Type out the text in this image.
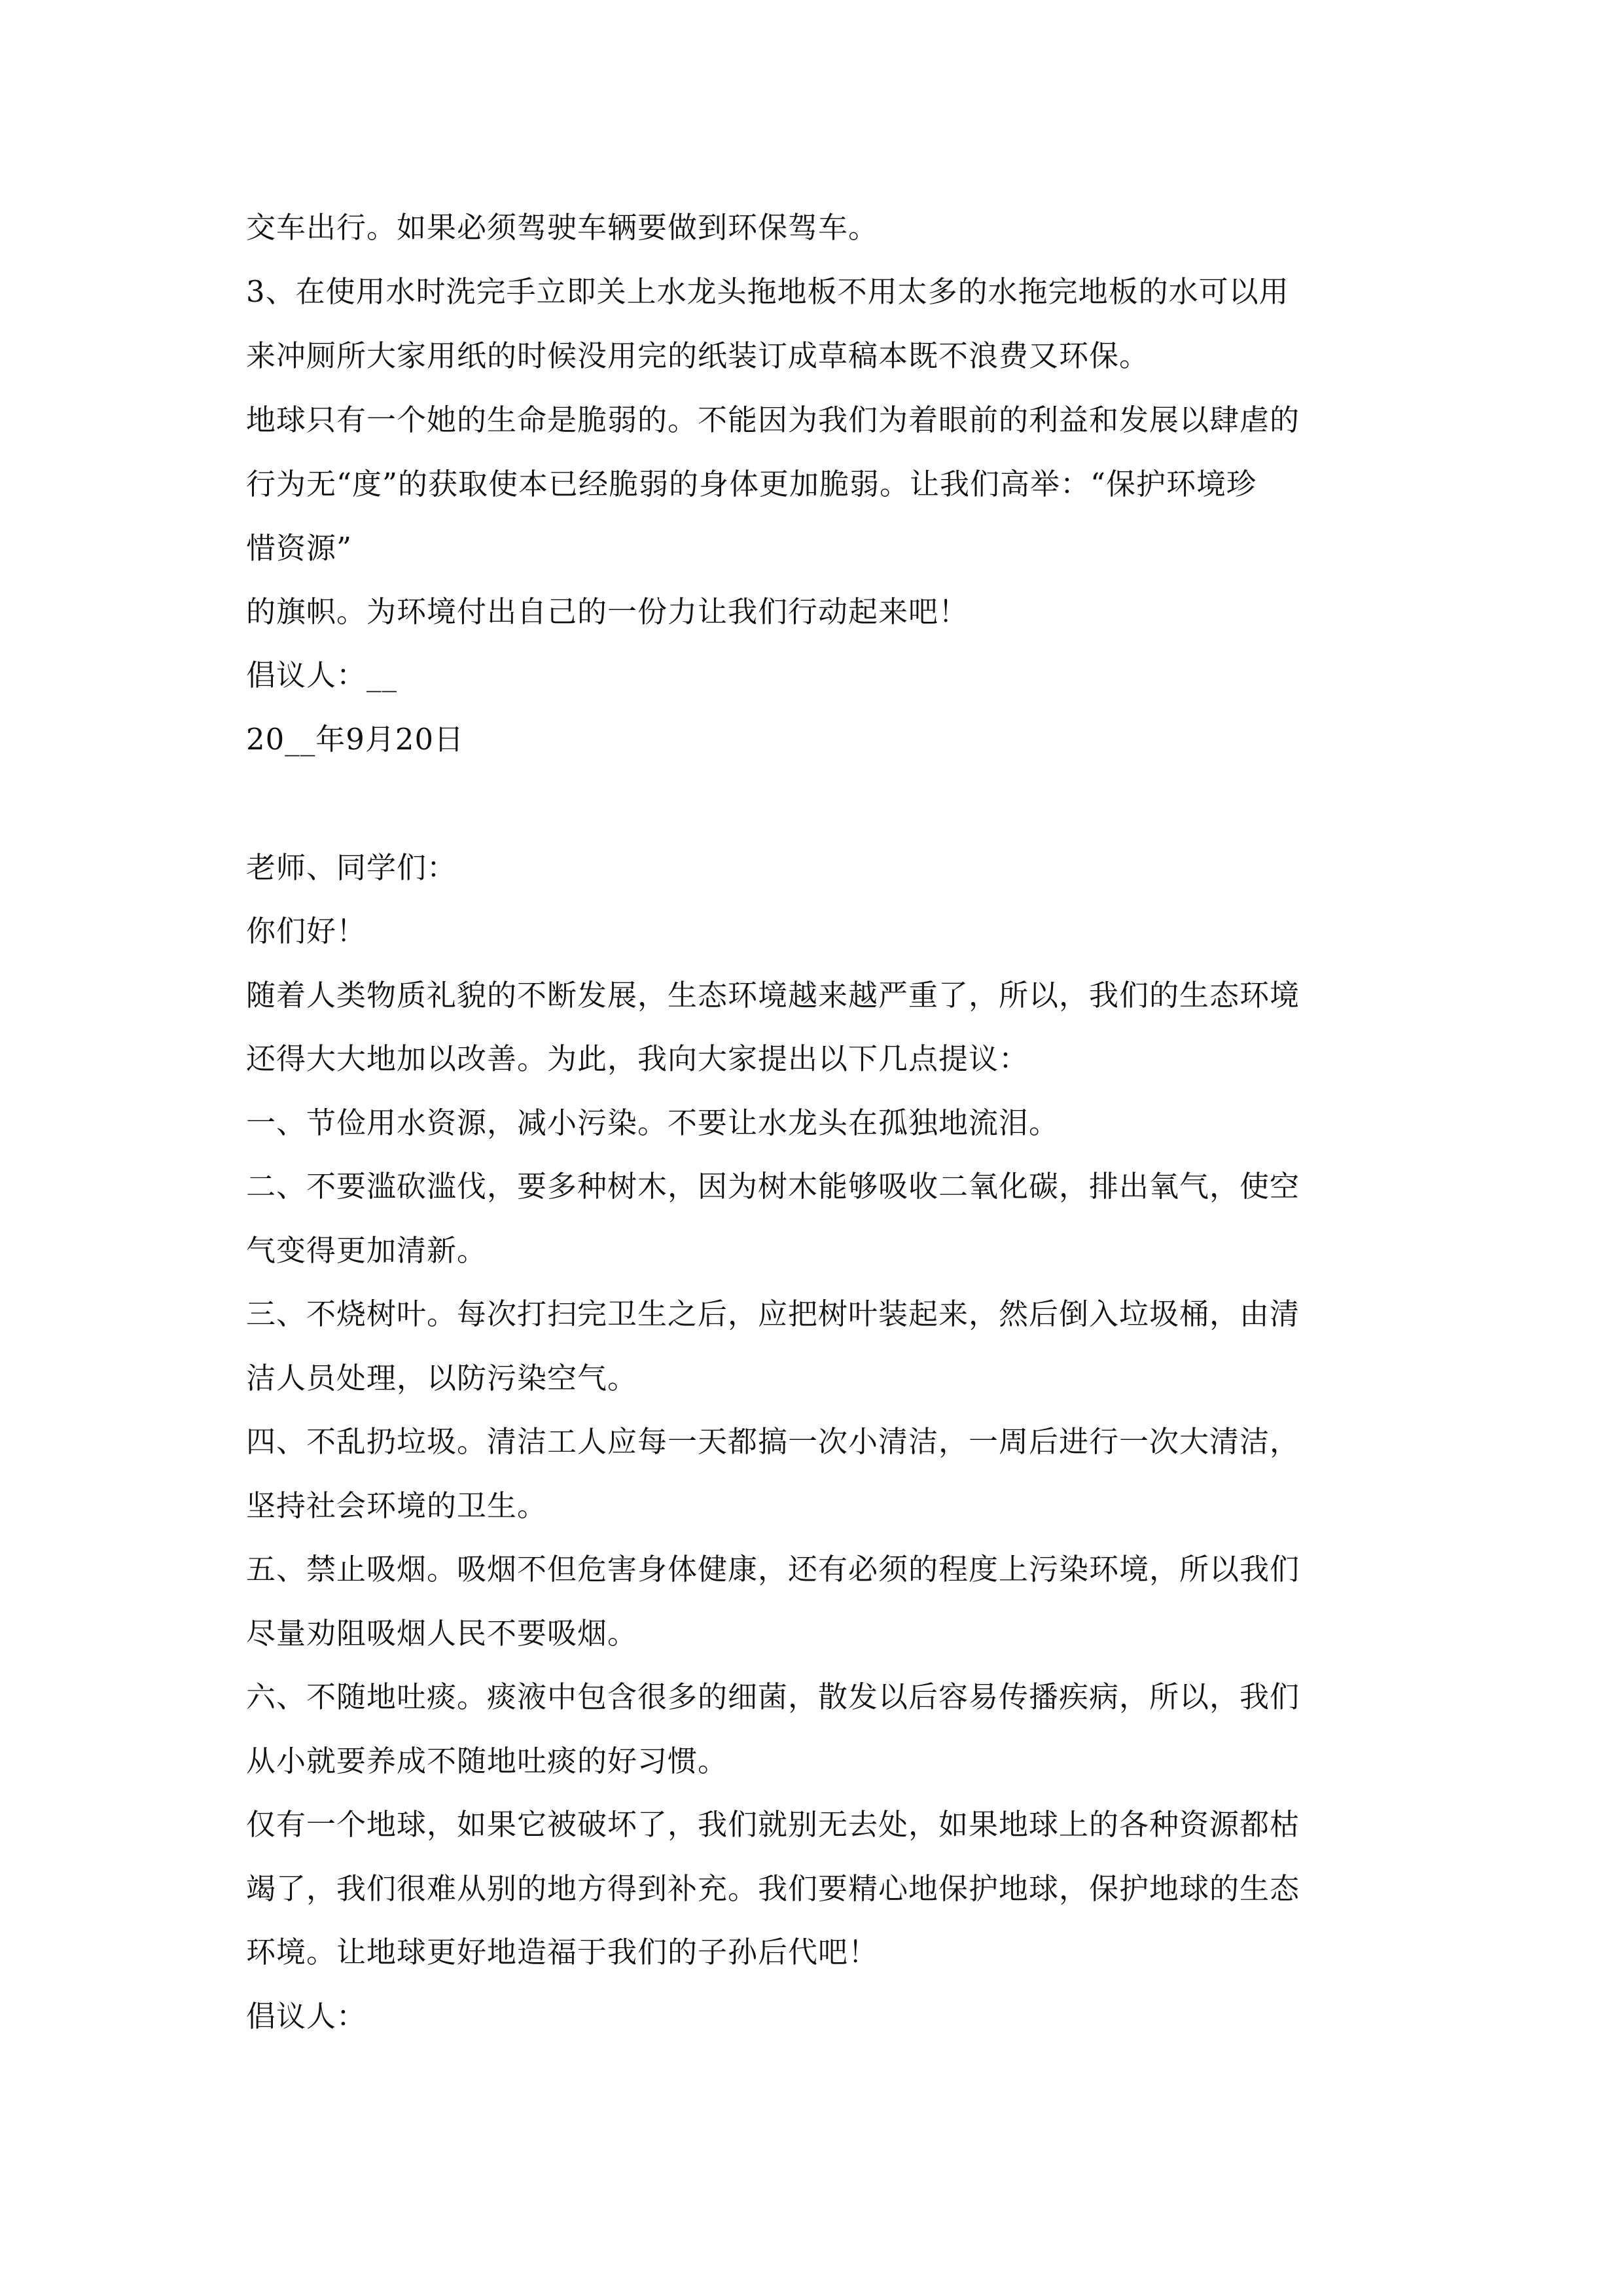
交车出行。如果必须驾驶车辆要做到环保驾车。
3、在使用水时洗完手立即关上水龙头拖地板不用太多的水拖完地板的水可以用
来冲厕所大家用纸的时候没用完的纸装订成草稿本既不浪费又环保。
地球只有一个她的生命是脆弱的。不能因为我们为着眼前的利益和发展以肆虐的
行为无“度”的获取使本已经脆弱的身体更加脆弱。让我们高举：“保护环境珍
惜资源”
的旗帜。为环境付出自己的一份力让我们行动起来吧！
倡议人：__
20__年9月20日
老师、同学们：
你们好！
随着人类物质礼貌的不断发展，生态环境越来越严重了，所以，我们的生态环境
还得大大地加以改善。为此，我向大家提出以下几点提议：
一、节俭用水资源，减小污染。不要让水龙头在孤独地流泪。
二、不要滥砍滥伐，要多种树木，因为树木能够吸收二氧化碳，排出氧气，使空
气变得更加清新。
三、不烧树叶。每次打扫完卫生之后，应把树叶装起来，然后倒入垃圾桶，由清
洁人员处理，以防污染空气。
四、不乱扔垃圾。清洁工人应每一天都搞一次小清洁，一周后进行一次大清洁，
坚持社会环境的卫生。
五、禁止吸烟。吸烟不但危害身体健康，还有必须的程度上污染环境，所以我们
尽量劝阻吸烟人民不要吸烟。
六、不随地吐痰。痰液中包含很多的细菌，散发以后容易传播疾病，所以，我们
从小就要养成不随地吐痰的好习惯。
仅有一个地球，如果它被破坏了，我们就别无去处，如果地球上的各种资源都枯
竭了，我们很难从别的地方得到补充。我们要精心地保护地球，保护地球的生态
环境。让地球更好地造福于我们的子孙后代吧！
倡议人：
